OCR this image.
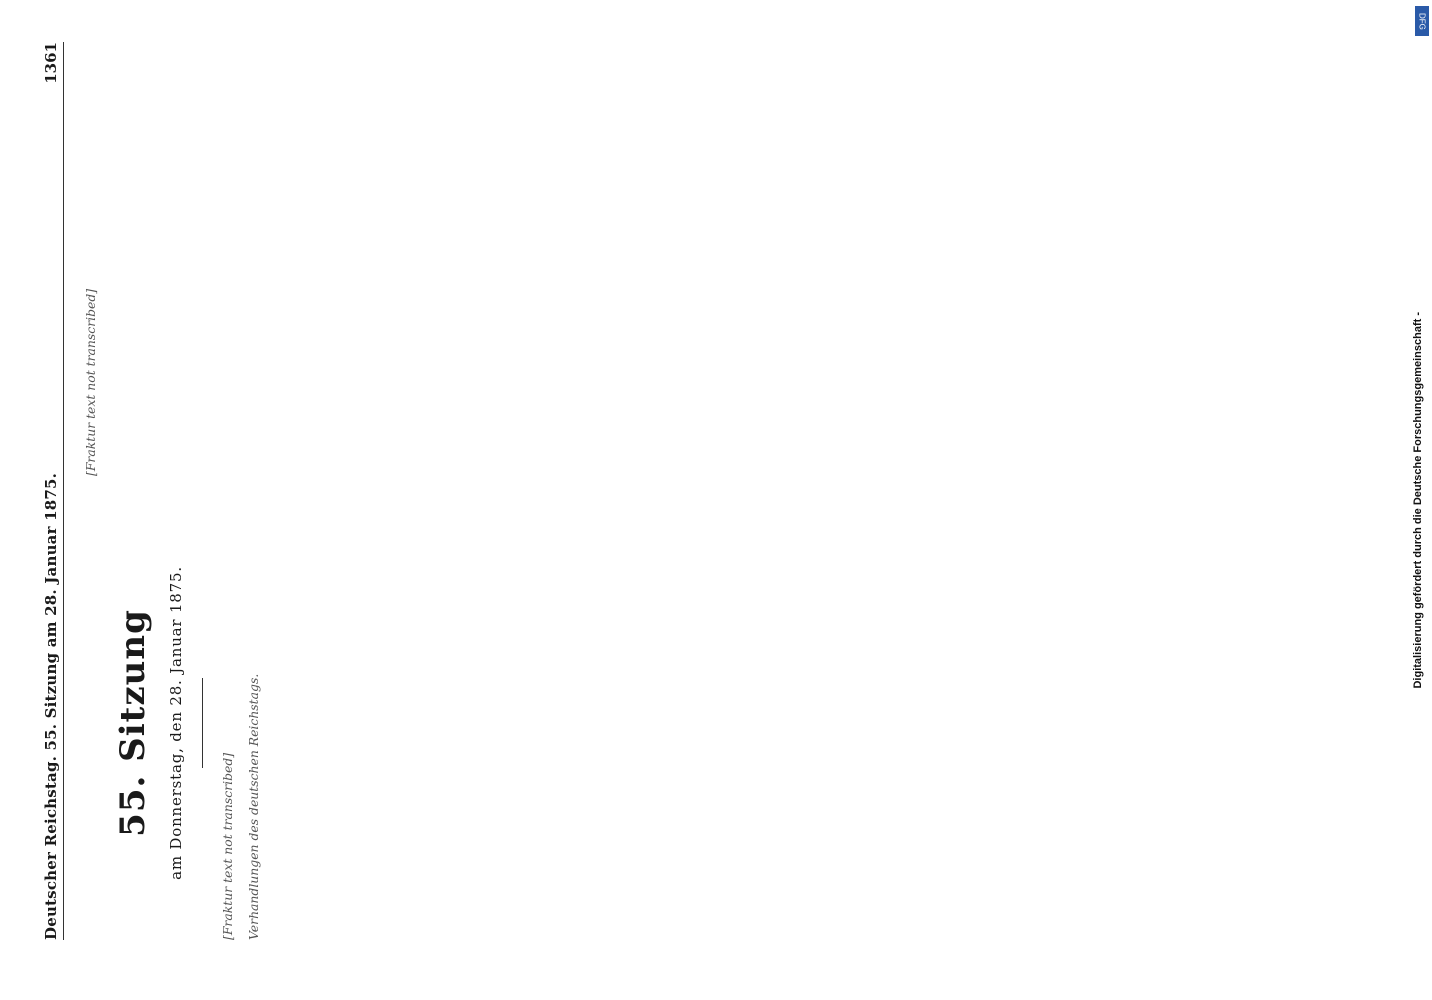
Deutscher Reichstag. 55. Sitzung am 28. Januar 1875.
1361
55. Sitzung am Donnerstag, den 28. Januar 1875.	[Fraktur text not transcribed] Verhandlungen des deutschen Reichstags.

[Fraktur text not transcribed]	Digitalisierung gefördert durch die Deutsche Forschungsgemeinschaft -
DFG
